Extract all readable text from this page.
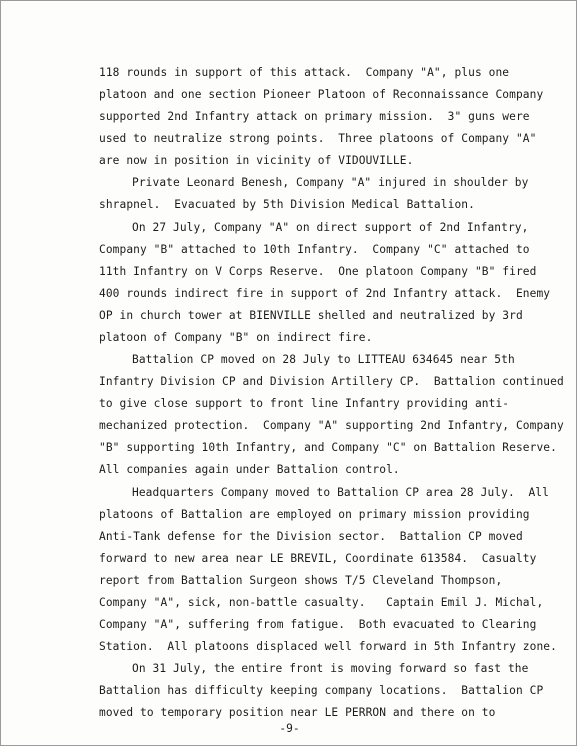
118 rounds in support of this attack.  Company "A", plus one
platoon and one section Pioneer Platoon of Reconnaissance Company
supported 2nd Infantry attack on primary mission.  3" guns were
used to neutralize strong points.  Three platoons of Company "A"
are now in position in vicinity of VIDOUVILLE.
Private Leonard Benesh, Company "A" injured in shoulder by
shrapnel.  Evacuated by 5th Division Medical Battalion.
On 27 July, Company "A" on direct support of 2nd Infantry,
Company "B" attached to 10th Infantry.  Company "C" attached to
11th Infantry on V Corps Reserve.  One platoon Company "B" fired
400 rounds indirect fire in support of 2nd Infantry attack.  Enemy
OP in church tower at BIENVILLE shelled and neutralized by 3rd
platoon of Company "B" on indirect fire.
Battalion CP moved on 28 July to LITTEAU 634645 near 5th
Infantry Division CP and Division Artillery CP.  Battalion continued
to give close support to front line Infantry providing anti-
mechanized protection.  Company "A" supporting 2nd Infantry, Company
"B" supporting 10th Infantry, and Company "C" on Battalion Reserve.
All companies again under Battalion control.
Headquarters Company moved to Battalion CP area 28 July.  All
platoons of Battalion are employed on primary mission providing
Anti-Tank defense for the Division sector.  Battalion CP moved
forward to new area near LE BREVIL, Coordinate 613584.  Casualty
report from Battalion Surgeon shows T/5 Cleveland Thompson,
Company "A", sick, non-battle casualty.   Captain Emil J. Michal,
Company "A", suffering from fatigue.  Both evacuated to Clearing
Station.  All platoons displaced well forward in 5th Infantry zone.
On 31 July, the entire front is moving forward so fast the
Battalion has difficulty keeping company locations.  Battalion CP
moved to temporary position near LE PERRON and there on to
-9-
